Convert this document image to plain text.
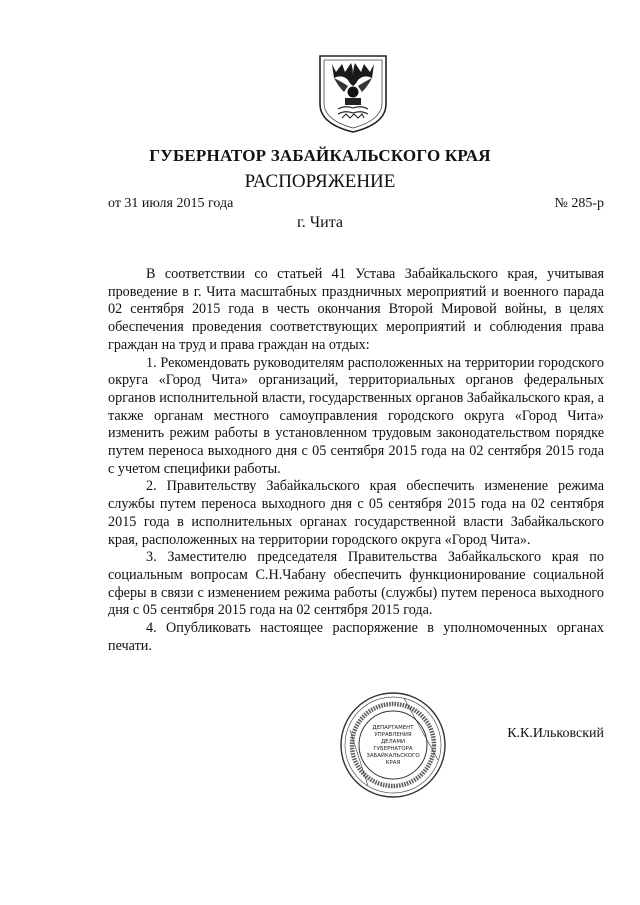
ГУБЕРНАТОР ЗАБАЙКАЛЬСКОГО КРАЯ
РАСПОРЯЖЕНИЕ
от 31 июля 2015 года	№ 285-р
г. Чита

В соответствии со статьей 41 Устава Забайкальского края, учитывая проведение в г. Чита масштабных праздничных мероприятий и военного парада 02 сентября 2015 года в честь окончания Второй Мировой войны, в целях обеспечения проведения соответствующих мероприятий и соблюдения права граждан на труд и права граждан на отдых:

1. Рекомендовать руководителям расположенных на территории городского округа «Город Чита» организаций, территориальных органов федеральных органов исполнительной власти, государственных органов Забайкальского края, а также органам местного самоуправления городского округа «Город Чита» изменить режим работы в установленном трудовым законодательством порядке путем переноса выходного дня с 05 сентября 2015 года на 02 сентября 2015 года с учетом специфики работы.

2. Правительству Забайкальского края обеспечить изменение режима службы путем переноса выходного дня с 05 сентября 2015 года на 02 сентября 2015 года в исполнительных органах государственной власти Забайкальского края, расположенных на территории городского округа «Город Чита».

3. Заместителю председателя Правительства Забайкальского края по социальным вопросам С.Н.Чабану обеспечить функционирование социальной сферы в связи с изменением режима работы (службы) путем переноса выходного дня с 05 сентября 2015 года на 02 сентября 2015 года.

4. Опубликовать настоящее распоряжение в уполномоченных органах печати.

ДЕПАРТАМЕНТ
УПРАВЛЕНИЯ
ДЕЛАМИ
ГУБЕРНАТОРА
ЗАБАЙКАЛЬСКОГО
КРАЯ
К.К.Ильковский
